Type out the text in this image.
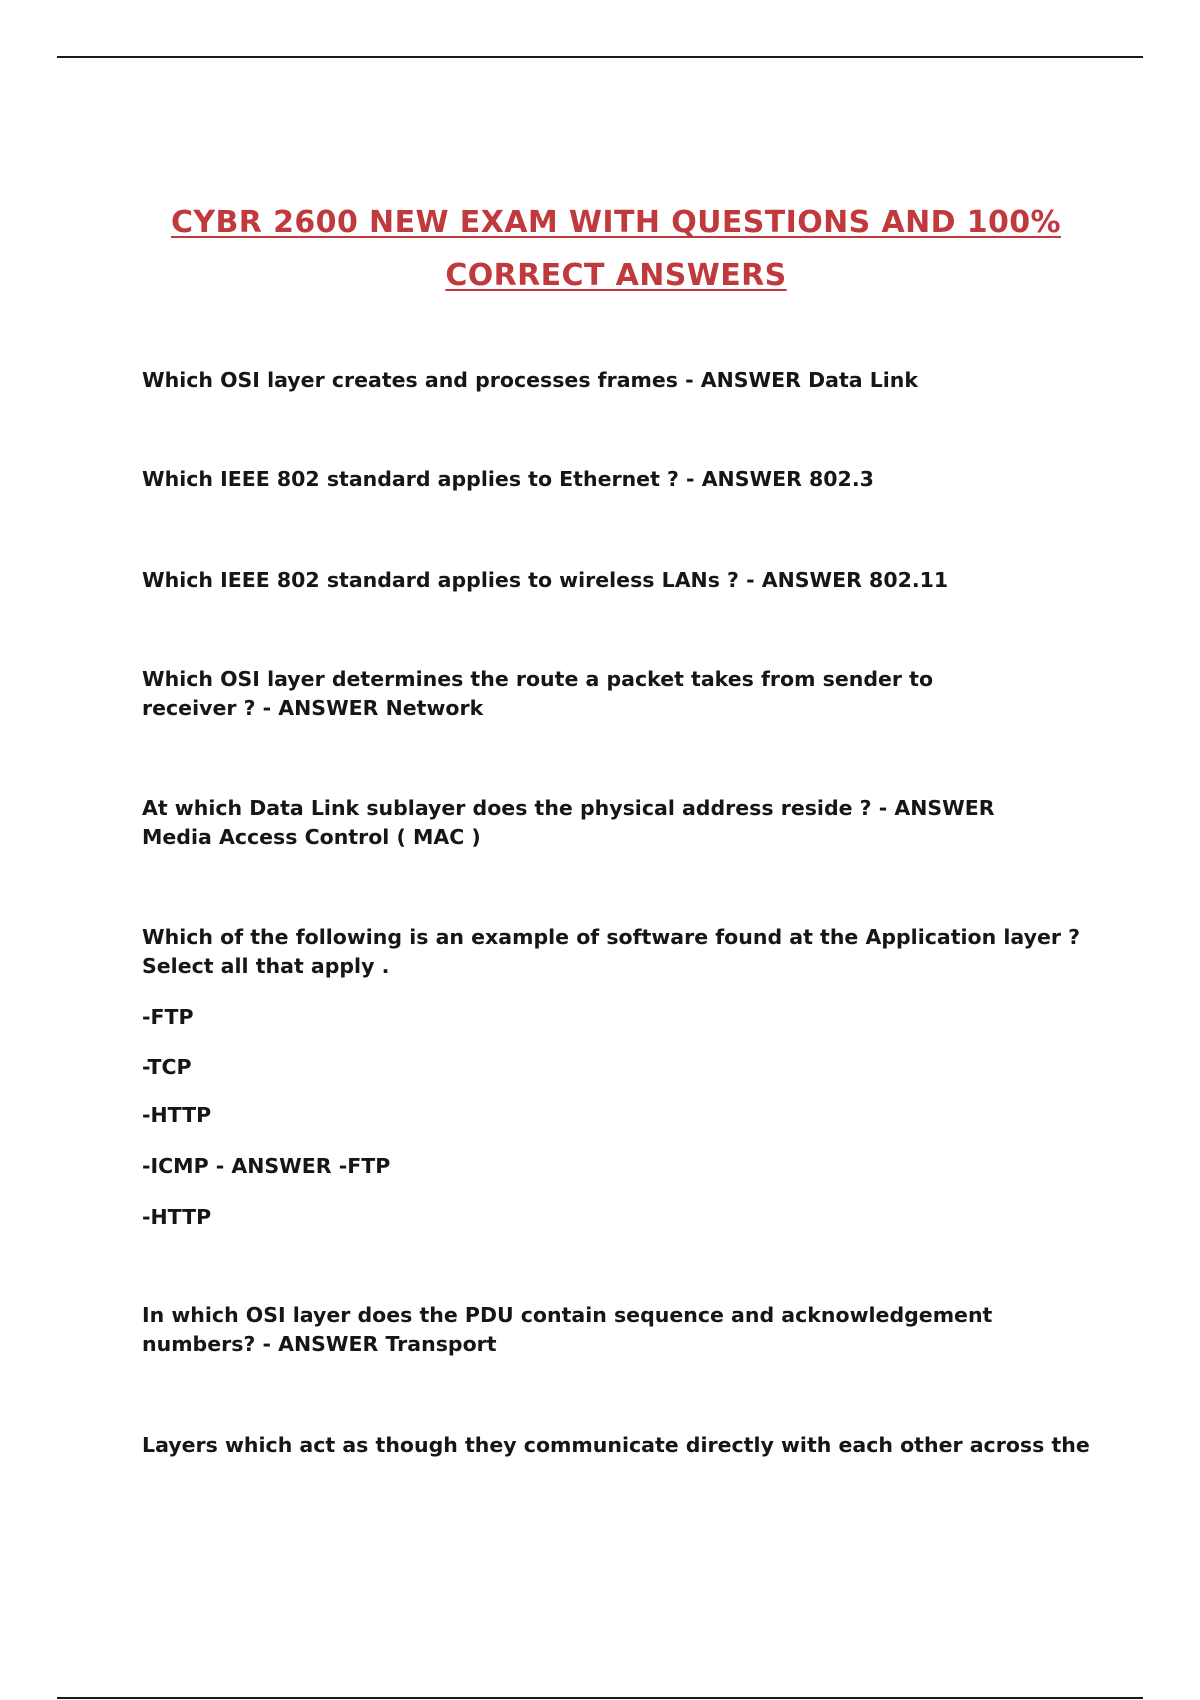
CYBR 2600 NEW EXAM WITH QUESTIONS AND 100%
CORRECT ANSWERS

Which OSI layer creates and processes frames - ANSWER Data Link

Which IEEE 802 standard applies to Ethernet ? - ANSWER 802.3

Which IEEE 802 standard applies to wireless LANs ? - ANSWER 802.11

Which OSI layer determines the route a packet takes from sender to receiver ? - ANSWER Network

At which Data Link sublayer does the physical address reside ? - ANSWER Media Access Control ( MAC )

Which of the following is an example of software found at the Application layer ? Select all that apply .

-FTP

-TCP

-HTTP

-ICMP - ANSWER -FTP

-HTTP

In which OSI layer does the PDU contain sequence and acknowledgement numbers? - ANSWER Transport

Layers which act as though they communicate directly with each other across the
